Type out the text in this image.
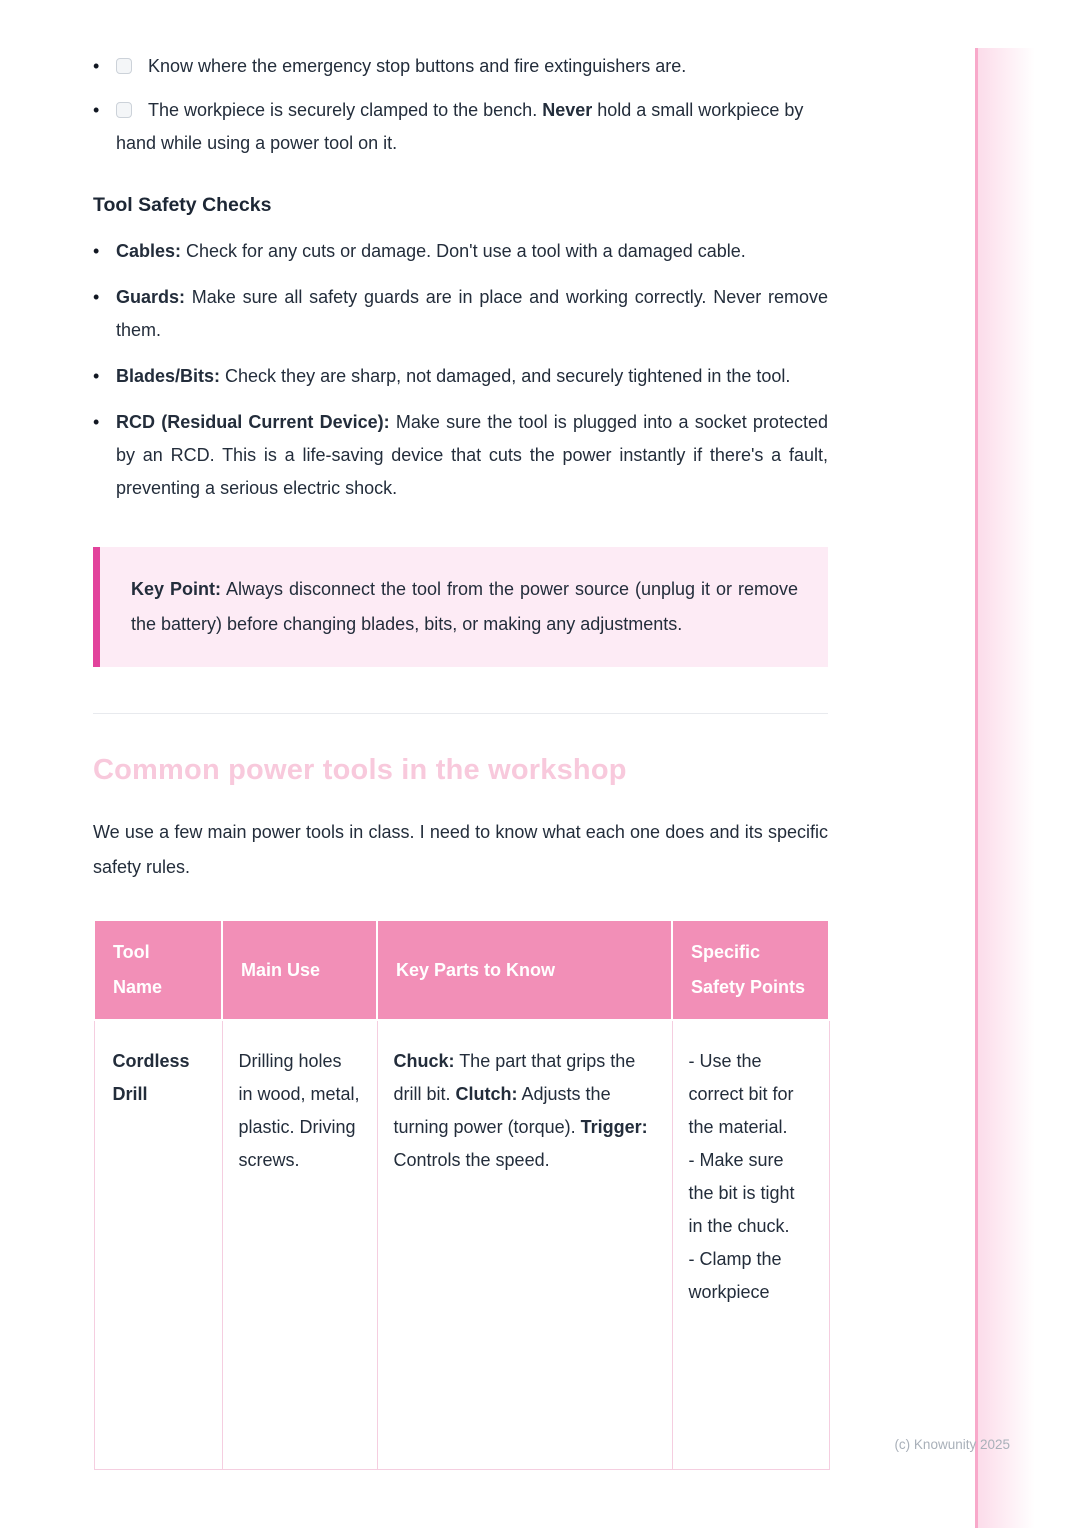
•	Know where the emergency stop buttons and fire extinguishers are.
•	The workpiece is securely clamped to the bench. Never hold a small workpiece by hand while using a power tool on it.
Tool Safety Checks
• Cables: Check for any cuts or damage. Don't use a tool with a damaged cable.
• Guards: Make sure all safety guards are in place and working correctly. Never remove them.
• Blades/Bits: Check they are sharp, not damaged, and securely tightened in the tool.
• RCD (Residual Current Device): Make sure the tool is plugged into a socket protected by an RCD. This is a life-saving device that cuts the power instantly if there's a fault, preventing a serious electric shock.
Key Point: Always disconnect the tool from the power source (unplug it or remove the battery) before changing blades, bits, or making any adjustments.
Common power tools in the workshop

We use a few main power tools in class. I need to know what each one does and its specific safety rules.

Tool Name	Main Use	Key Parts to Know	Specific Safety Points
Cordless Drill	Drilling holes in wood, metal, plastic. Driving screws.	Chuck: The part that grips the drill bit. Clutch: Adjusts the turning power (torque). Trigger: Controls the speed.	- Use the correct bit for the material.
- Make sure the bit is tight in the chuck.
- Clamp the workpiece
(c) Knowunity 2025
